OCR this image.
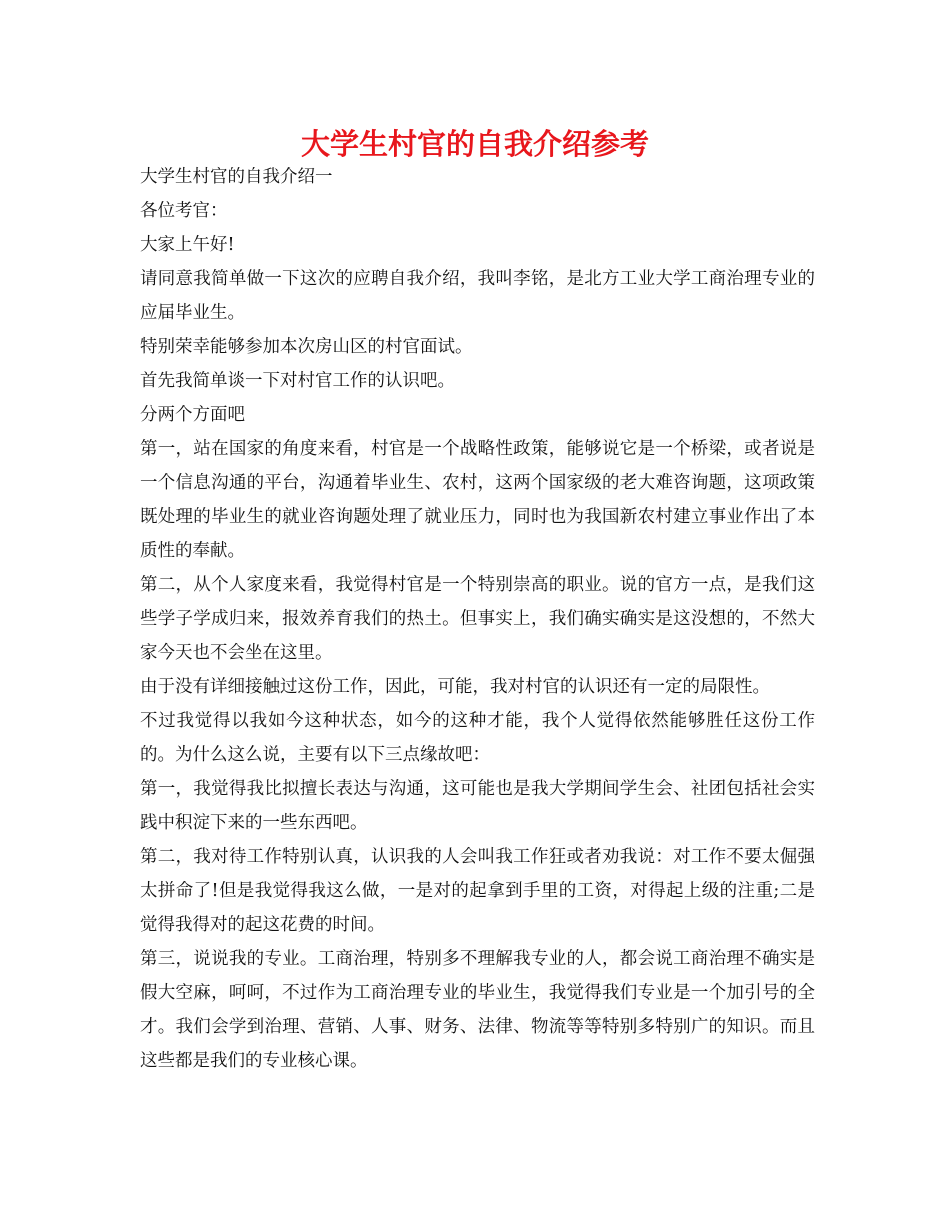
大学生村官的自我介绍参考

大学生村官的自我介绍一

各位考官：

大家上午好!

请同意我简单做一下这次的应聘自我介绍，我叫李铭，是北方工业大学工商治理专业的应届毕业生。

特别荣幸能够参加本次房山区的村官面试。

首先我简单谈一下对村官工作的认识吧。

分两个方面吧

第一，站在国家的角度来看，村官是一个战略性政策，能够说它是一个桥梁，或者说是一个信息沟通的平台，沟通着毕业生、农村，这两个国家级的老大难咨询题，这项政策既处理的毕业生的就业咨询题处理了就业压力，同时也为我国新农村建立事业作出了本质性的奉献。

第二，从个人家度来看，我觉得村官是一个特别崇高的职业。说的官方一点，是我们这些学子学成归来，报效养育我们的热土。但事实上，我们确实确实是这没想的，不然大家今天也不会坐在这里。

由于没有详细接触过这份工作，因此，可能，我对村官的认识还有一定的局限性。

不过我觉得以我如今这种状态，如今的这种才能，我个人觉得依然能够胜任这份工作的。为什么这么说，主要有以下三点缘故吧：

第一，我觉得我比拟擅长表达与沟通，这可能也是我大学期间学生会、社团包括社会实践中积淀下来的一些东西吧。

第二，我对待工作特别认真，认识我的人会叫我工作狂或者劝我说：对工作不要太倔强太拼命了!但是我觉得我这么做，一是对的起拿到手里的工资，对得起上级的注重;二是觉得我得对的起这花费的时间。

第三，说说我的专业。工商治理，特别多不理解我专业的人，都会说工商治理不确实是假大空麻，呵呵，不过作为工商治理专业的毕业生，我觉得我们专业是一个加引号的全才。我们会学到治理、营销、人事、财务、法律、物流等等特别多特别广的知识。而且这些都是我们的专业核心课。
